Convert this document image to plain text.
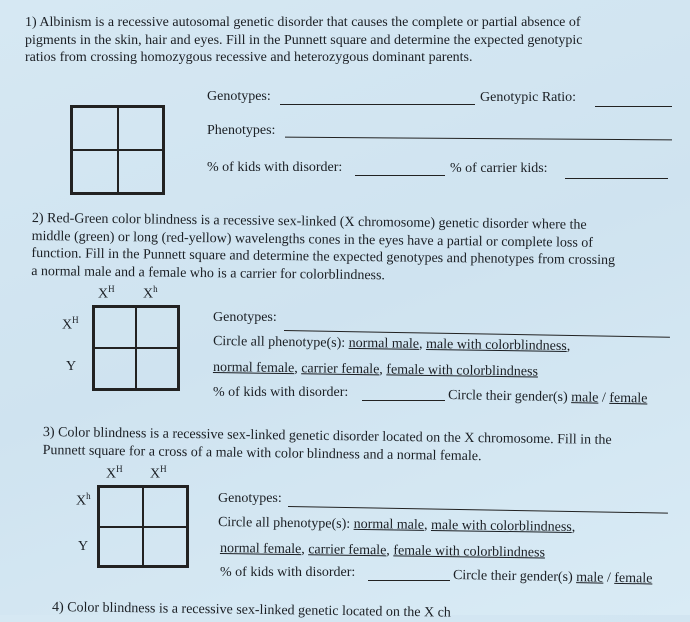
1) Albinism is a recessive autosomal genetic disorder that causes the complete or partial absence of
pigments in the skin, hair and eyes. Fill in the Punnett square and determine the expected genotypic
ratios from crossing homozygous recessive and heterozygous dominant parents.
Genotypes:	Genotypic Ratio:
Phenotypes:
% of kids with disorder:	% of carrier kids:
2) Red-Green color blindness is a recessive sex-linked (X chromosome) genetic disorder where the
middle (green) or long (red-yellow) wavelengths cones in the eyes have a partial or complete loss of
function. Fill in the Punnett square and determine the expected genotypes and phenotypes from crossing
a normal male and a female who is a carrier for colorblindness.
$X^H$ $X^h$
$X^H$
Y
Genotypes:
Circle all phenotype(s): normal male, male with colorblindness,
normal female, carrier female, female with colorblindness
% of kids with disorder:	Circle their gender(s) male / female
3) Color blindness is a recessive sex-linked genetic disorder located on the X chromosome. Fill in the
Punnett square for a cross of a male with color blindness and a normal female.
$X^H$ $X^H$
$X^h$
Y
Genotypes:
Circle all phenotype(s): normal male, male with colorblindness,
normal female, carrier female, female with colorblindness
% of kids with disorder:	Circle their gender(s) male / female
4) Color blindness is a recessive sex-linked genetic located on the X ch
